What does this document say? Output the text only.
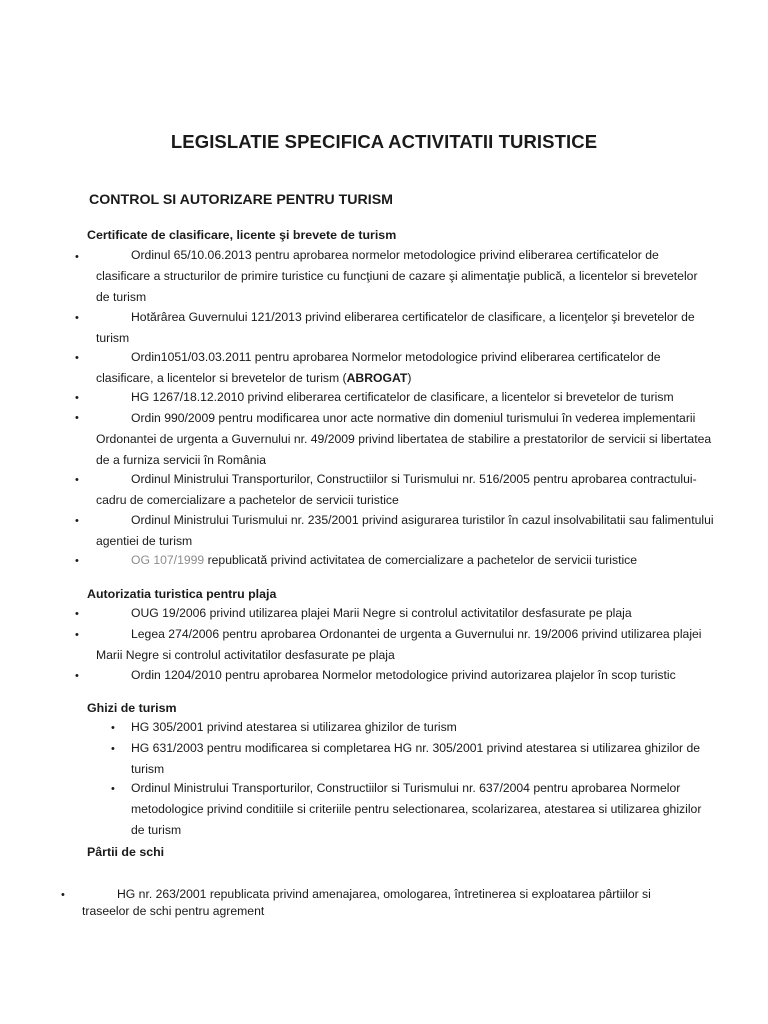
LEGISLATIE SPECIFICA ACTIVITATII TURISTICE
CONTROL SI AUTORIZARE PENTRU TURISM
Certificate de clasificare, licente şi brevete de turism
•	Ordinul 65/10.06.2013 pentru aprobarea normelor metodologice privind eliberarea certificatelor de
clasificare a structurilor de primire turistice cu funcţiuni de cazare şi alimentaţie publică, a licentelor si brevetelor
de turism
•	Hotărârea Guvernului 121/2013 privind eliberarea certificatelor de clasificare, a licenţelor şi brevetelor de
turism
•	Ordin1051/03.03.2011 pentru aprobarea Normelor metodologice privind eliberarea certificatelor de
clasificare, a licentelor si brevetelor de turism (ABROGAT)
•	HG 1267/18.12.2010 privind eliberarea certificatelor de clasificare, a licentelor si brevetelor de turism
•	Ordin 990/2009 pentru modificarea unor acte normative din domeniul turismului în vederea implementarii
Ordonantei de urgenta a Guvernului nr. 49/2009 privind libertatea de stabilire a prestatorilor de servicii si libertatea
de a furniza servicii în România
•	Ordinul Ministrului Transporturilor, Constructiilor si Turismului nr. 516/2005 pentru aprobarea contractului-
cadru de comercializare a pachetelor de servicii turistice
•	Ordinul Ministrului Turismului nr. 235/2001 privind asigurarea turistilor în cazul insolvabilitatii sau falimentului
agentiei de turism
•	OG 107/1999 republicată privind activitatea de comercializare a pachetelor de servicii turistice
Autorizatia turistica pentru plaja
•	OUG 19/2006 privind utilizarea plajei Marii Negre si controlul activitatilor desfasurate pe plaja
•	Legea 274/2006 pentru aprobarea Ordonantei de urgenta a Guvernului nr. 19/2006 privind utilizarea plajei
Marii Negre si controlul activitatilor desfasurate pe plaja
•	Ordin 1204/2010 pentru aprobarea Normelor metodologice privind autorizarea plajelor în scop turistic
Ghizi de turism
• HG 305/2001 privind atestarea si utilizarea ghizilor de turism
• HG 631/2003 pentru modificarea si completarea HG nr. 305/2001 privind atestarea si utilizarea ghizilor de
turism
• Ordinul Ministrului Transporturilor, Constructiilor si Turismului nr. 637/2004 pentru aprobarea Normelor
metodologice privind conditiile si criteriile pentru selectionarea, scolarizarea, atestarea si utilizarea ghizilor
de turism
Pârtii de schi
•	HG nr. 263/2001 republicata privind amenajarea, omologarea, întretinerea si exploatarea pârtiilor si
traseelor de schi pentru agrement
